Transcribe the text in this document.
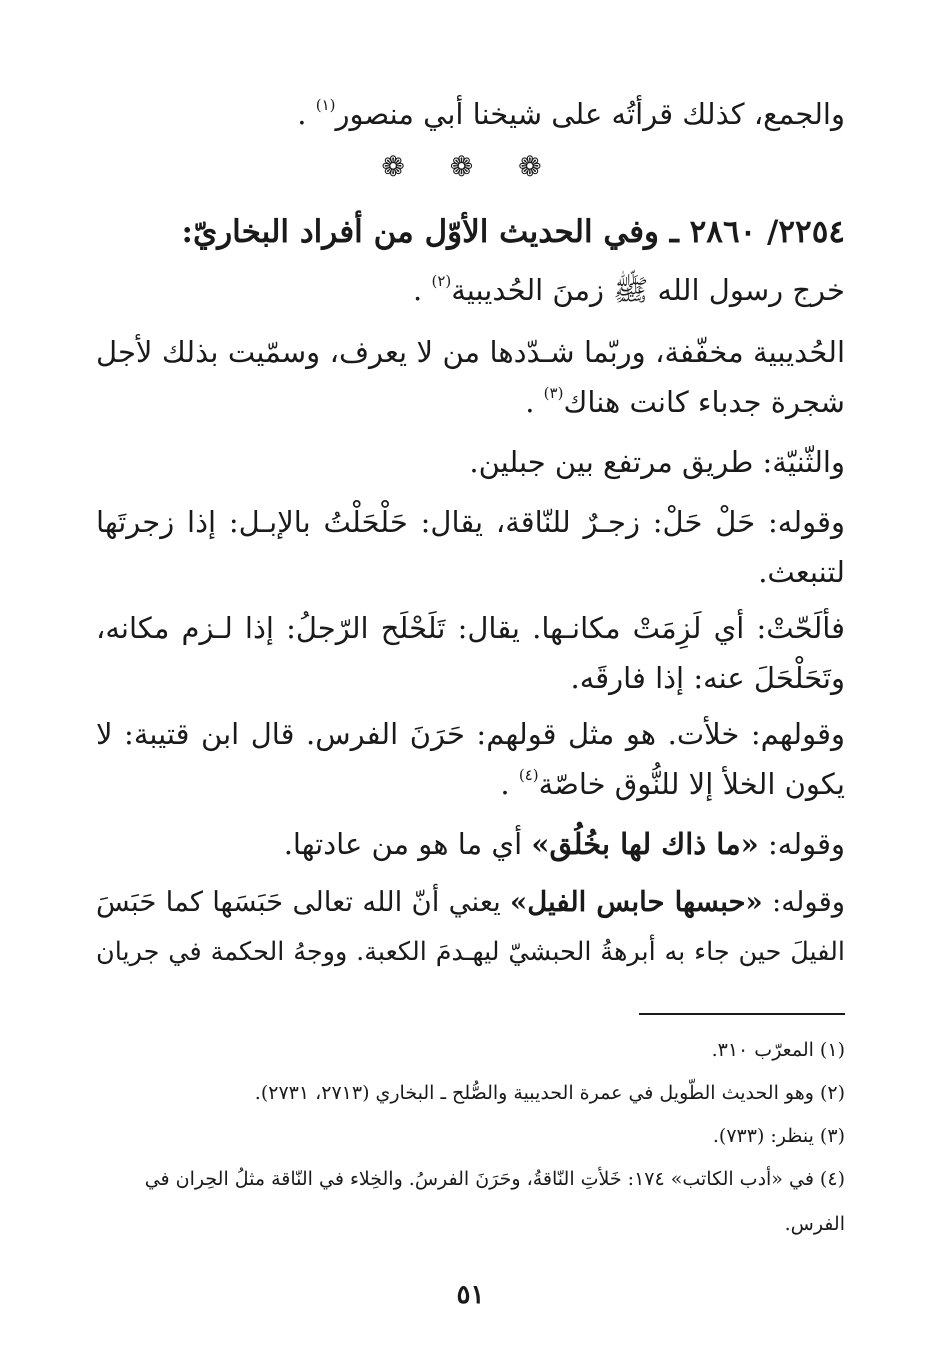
والجمع، كذلك قرأتُه على شيخنا أبي منصور$^{(١)}$ .
❁ ❁ ❁
٢٢٥٤/ ٢٨٦٠ ـ وفي الحديث الأوّل من أفراد البخاريّ:
خرج رسول الله ﷺ زمنَ الحُديبية$^{(٢)}$ .
الحُديبية مخفّفة، وربّما شـدّدها من لا يعرف، وسمّيت بذلك لأجل
شجرة جدباء كانت هناك$^{(٣)}$ .
والثّنيّة: طريق مرتفع بين جبلين.
وقوله: حَلْ حَلْ: زجـرٌ للنّاقة، يقال: حَلْحَلْتُ بالإبـل: إذا زجرتَها
لتنبعث.
فألَحّتْ: أي لَزِمَتْ مكانـها. يقال: تَلَحْلَح الرّجلُ: إذا لـزم مكانه،
وتَحَلْحَلَ عنه: إذا فارقَه.
وقولهم: خلأت. هو مثل قولهم: حَرَنَ الفرس. قال ابن قتيبة: لا
يكون الخلأ إلا للنُّوق خاصّة$^{(٤)}$ .
وقوله: «ما ذاك لها بخُلُق» أي ما هو من عادتها.
وقوله: «حبسها حابس الفيل» يعني أنّ الله تعالى حَبَسَها كما حَبَسَ
الفيلَ حين جاء به أبرهةُ الحبشيّ ليهـدمَ الكعبة. ووجهُ الحكمة في جريان
(١) المعرّب ٣١٠.
(٢) وهو الحديث الطّويل في عمرة الحديبية والصُّلح ـ البخاري (٢٧١٣، ٢٧٣١).
(٣) ينظر: (٧٣٣).
(٤) في «أدب الكاتب» ١٧٤: خَلأتِ النّاقةُ، وحَرَنَ الفرسُ. والخِلاء في النّاقة مثلُ الحِران في
الفرس.
٥١
